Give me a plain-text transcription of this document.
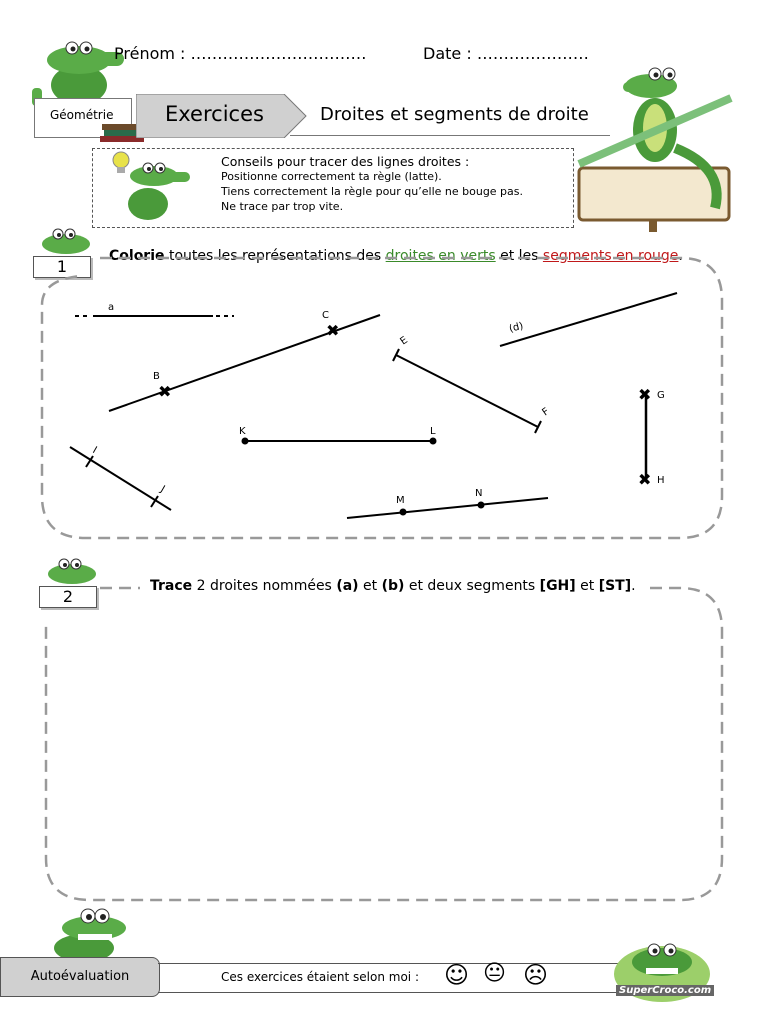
Prénom : ……………………………	Date : …………………
Géométrie Exercices	Droites et segments de droite
Conseils pour tracer des lignes droites :
Positionne correctement ta règle (latte).
Tiens correctement la règle pour qu’elle ne bouge pas.
Ne trace par trop vite.
1
Colorie toutes les représentations des droites en verts et les segments en rouge.
a
✖
✖
B
C
(d)
E
F
✖
✖
G
H
K	L
I
J
M
N
2
Trace 2 droites nommées (a) et (b) et deux segments [GH] et [ST].
Autoévaluation	Ces exercices étaient selon moi : ☺ 😐 ☹
SuperCroco.com
